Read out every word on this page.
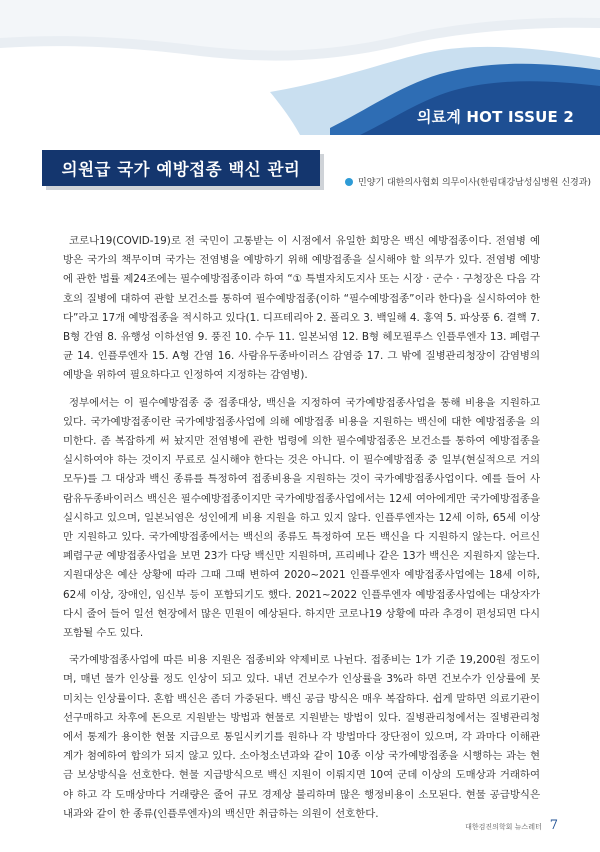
의료계 HOT ISSUE 2
의원급 국가 예방접종 백신 관리
민양기 대한의사협회 의무이사(한림대강남성심병원 신경과)

코로나19(COVID-19)로 전 국민이 고통받는 이 시점에서 유일한 희망은 백신 예방접종이다. 전염병 예방은 국가의 책무이며 국가는 전염병을 예방하기 위해 예방접종을 실시해야 할 의무가 있다. 전염병 예방에 관한 법률 제24조에는 필수예방접종이라 하여 “① 특별자치도지사 또는 시장 · 군수 · 구청장은 다음 각 호의 질병에 대하여 관할 보건소를 통하여 필수예방접종(이하 “필수예방접종”이라 한다)을 실시하여야 한다”라고 17개 예방접종을 적시하고 있다(1. 디프테리아 2. 폴리오 3. 백일해 4. 홍역 5. 파상풍 6. 결핵 7. B형 간염 8. 유행성 이하선염 9. 풍진 10. 수두 11. 일본뇌염 12. B형 헤모필루스 인플루엔자 13. 폐렴구균 14. 인플루엔자 15. A형 간염 16. 사람유두종바이러스 감염증 17. 그 밖에 질병관리청장이 감염병의 예방을 위하여 필요하다고 인정하여 지정하는 감염병).

정부에서는 이 필수예방접종 중 접종대상, 백신을 지정하여 국가예방접종사업을 통해 비용을 지원하고 있다. 국가예방접종이란 국가예방접종사업에 의해 예방접종 비용을 지원하는 백신에 대한 예방접종을 의미한다. 좀 복잡하게 써 놨지만 전염병에 관한 법령에 의한 필수예방접종은 보건소를 통하여 예방접종을 실시하여야 하는 것이지 무료로 실시해야 한다는 것은 아니다. 이 필수예방접종 중 일부(현실적으로 거의 모두)를 그 대상과 백신 종류를 특정하여 접종비용을 지원하는 것이 국가예방접종사업이다. 예를 들어 사람유두종바이러스 백신은 필수예방접종이지만 국가예방접종사업에서는 12세 여아에게만 국가예방접종을 실시하고 있으며, 일본뇌염은 성인에게 비용 지원을 하고 있지 않다. 인플루엔자는 12세 이하, 65세 이상만 지원하고 있다. 국가예방접종에서는 백신의 종류도 특정하여 모든 백신을 다 지원하지 않는다. 어르신 폐렴구균 예방접종사업을 보면 23가 다당 백신만 지원하며, 프리베나 같은 13가 백신은 지원하지 않는다. 지원대상은 예산 상황에 따라 그때 그때 변하여 2020~2021 인플루엔자 예방접종사업에는 18세 이하, 62세 이상, 장애인, 임신부 등이 포함되기도 했다. 2021~2022 인플루엔자 예방접종사업에는 대상자가 다시 줄어 들어 일선 현장에서 많은 민원이 예상된다. 하지만 코로나19 상황에 따라 추경이 편성되면 다시 포함될 수도 있다.

국가예방접종사업에 따른 비용 지원은 접종비와 약제비로 나뉜다. 접종비는 1가 기준 19,200원 정도이며, 매년 물가 인상률 정도 인상이 되고 있다. 내년 건보수가 인상률을 3%라 하면 건보수가 인상률에 못 미치는 인상률이다. 혼합 백신은 좀더 가중된다. 백신 공급 방식은 매우 복잡하다. 쉽게 말하면 의료기관이 선구매하고 차후에 돈으로 지원받는 방법과 현물로 지원받는 방법이 있다. 질병관리청에서는 질병관리청에서 통제가 용이한 현물 지급으로 통일시키기를 원하나 각 방법마다 장단점이 있으며, 각 과마다 이해관계가 첨예하여 합의가 되지 않고 있다. 소아청소년과와 같이 10종 이상 국가예방접종을 시행하는 과는 현금 보상방식을 선호한다. 현물 지급방식으로 백신 지원이 이뤄지면 10여 군데 이상의 도매상과 거래하여야 하고 각 도매상마다 거래량은 줄어 규모 경제상 불리하며 많은 행정비용이 소모된다. 현물 공급방식은 내과와 같이 한 종류(인플루엔자)의 백신만 취급하는 의원이 선호한다.

대한검진의학회 뉴스레터 7
